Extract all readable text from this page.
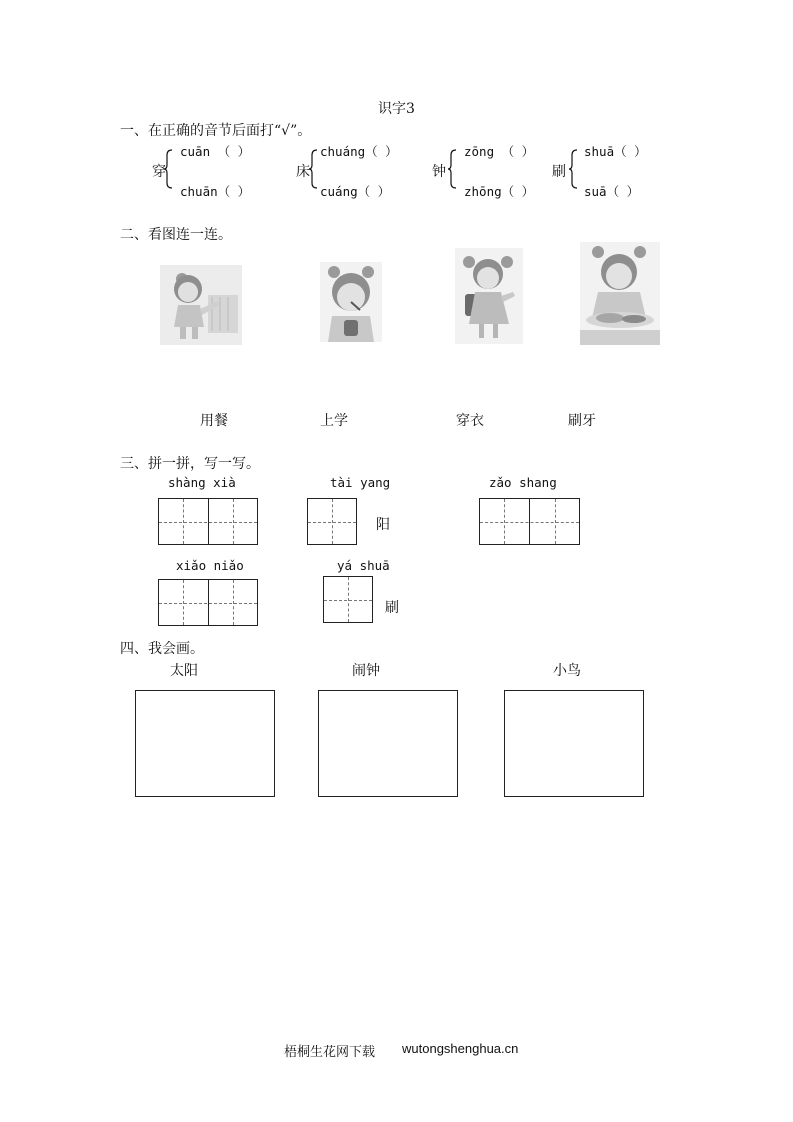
识字3
一、在正确的音节后面打“√”。
穿
cuān （ ）
chuān（ ）
床
chuáng（ ）
cuáng（ ）
钟
zōng （ ）
zhōng（ ）
刷
shuā（ ）
suā（ ）
二、看图连一连。
用餐	上学	穿衣	刷牙
三、拼一拼，写一写。
shàng xià	tài yang
阳
zǎo shang
xiǎo niǎo	yá shuā
刷
四、我会画。
太阳	闹钟	小鸟
梧桐生花网下载 wutongshenghua.cn
